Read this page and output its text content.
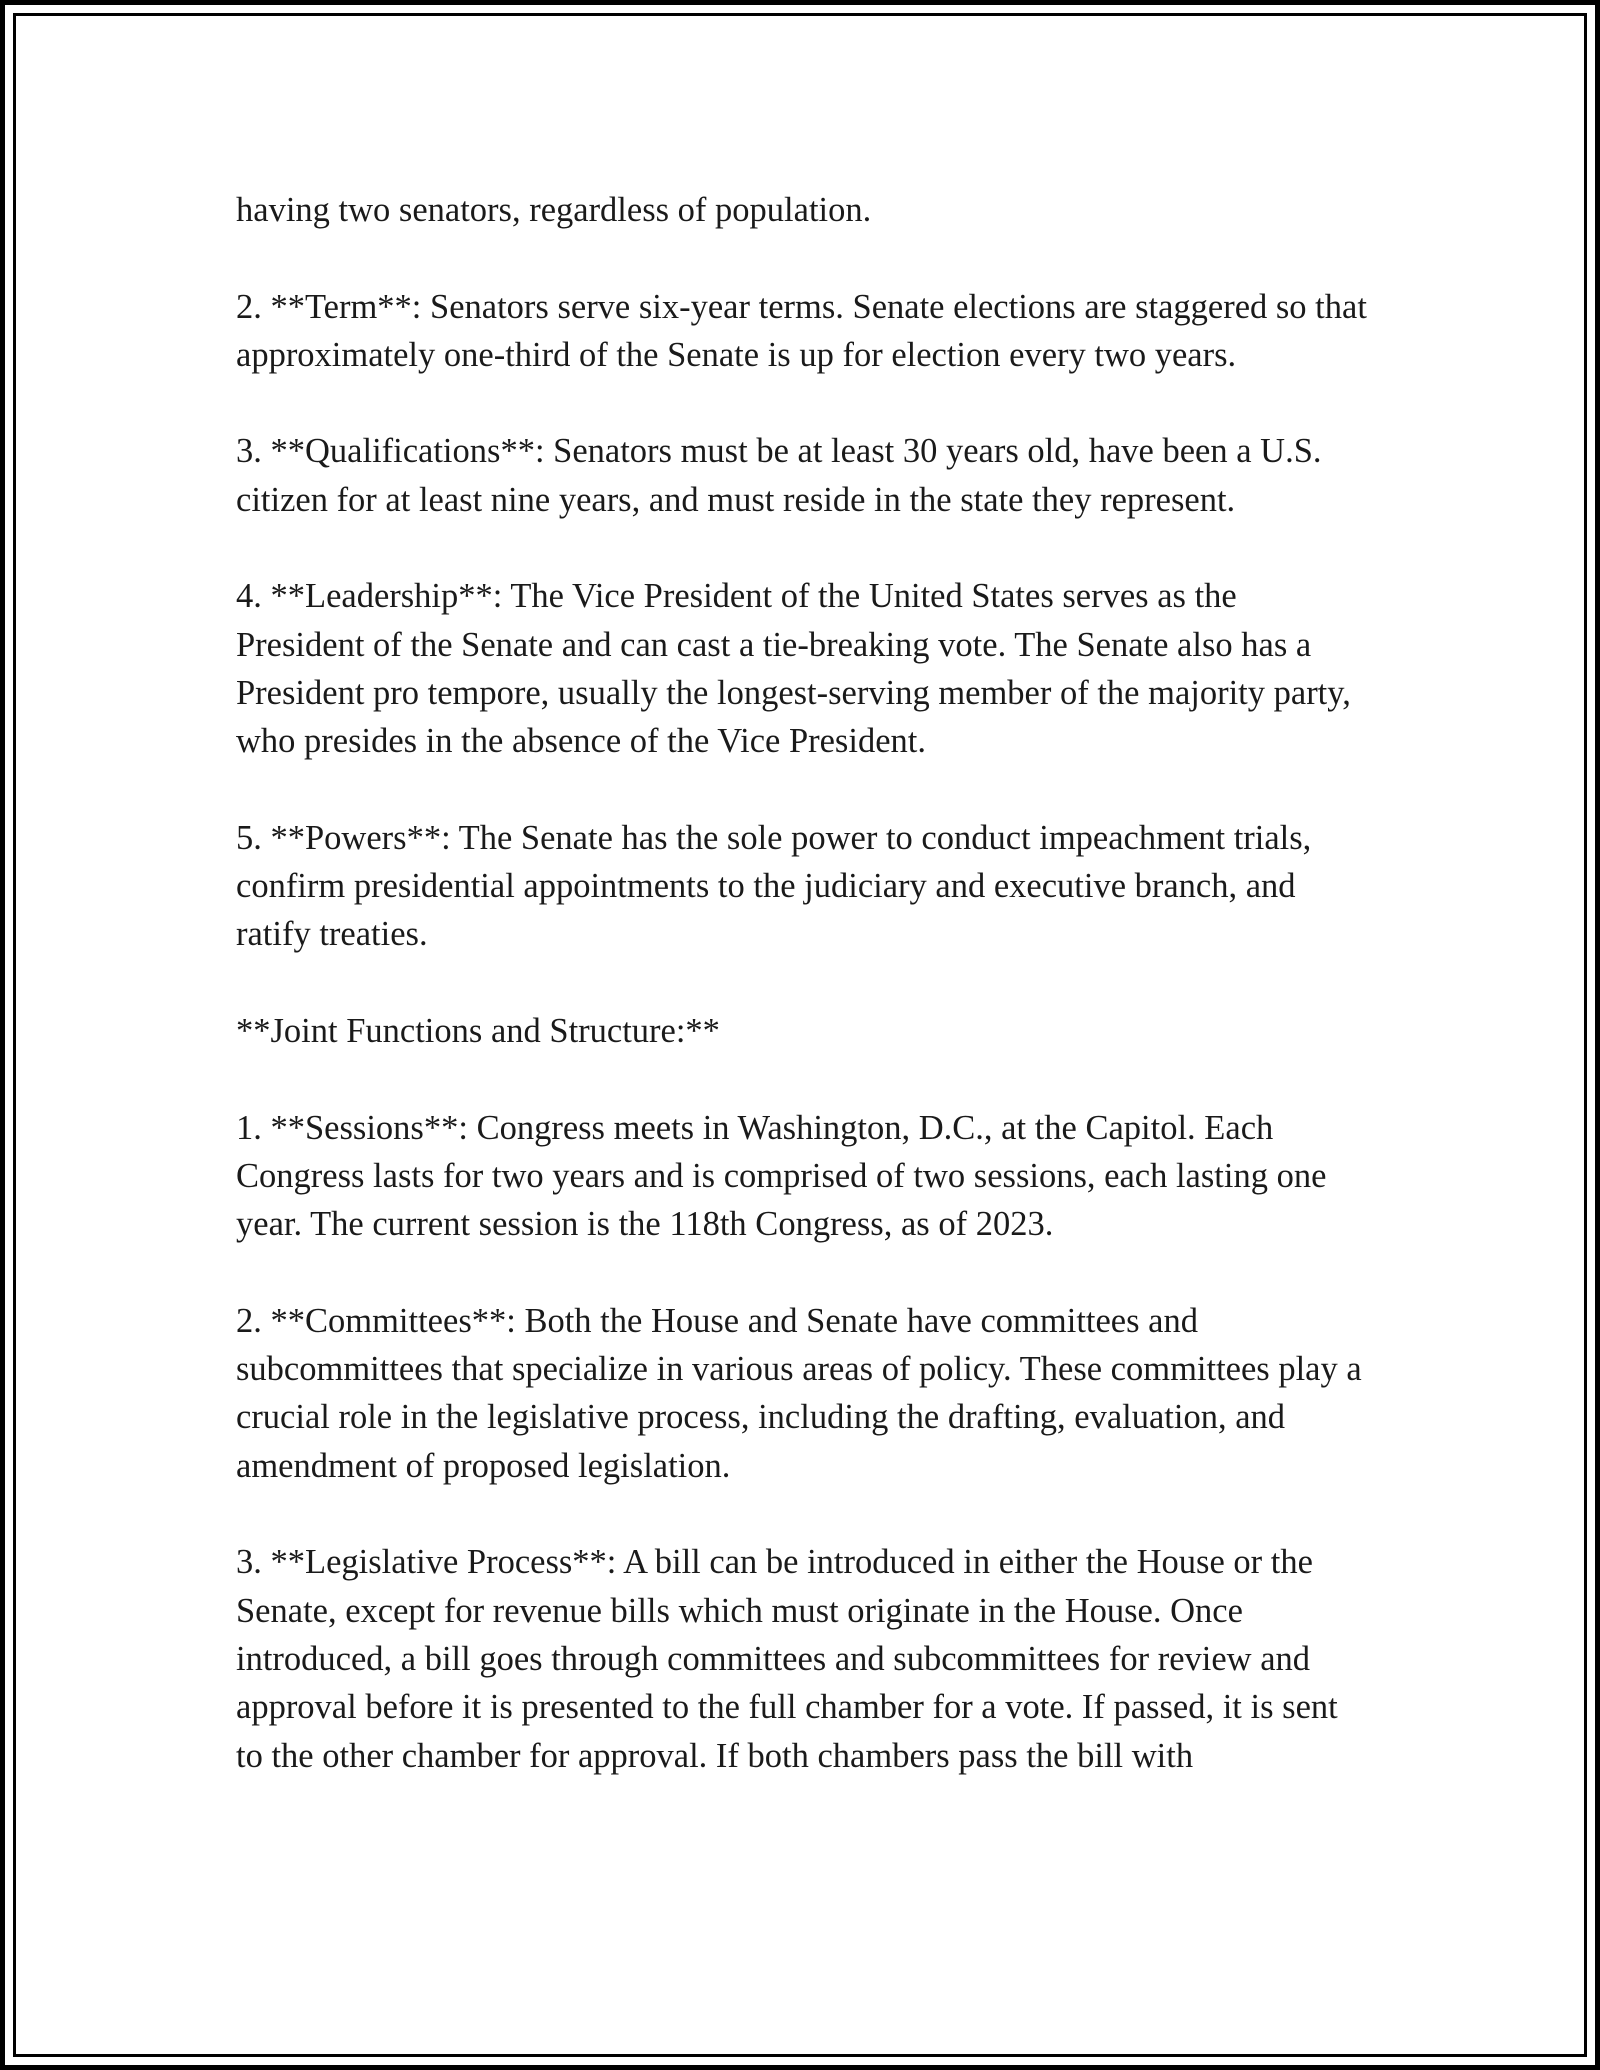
having two senators, regardless of population.

2. **Term**: Senators serve six-year terms. Senate elections are staggered so that approximately one-third of the Senate is up for election every two years.

3. **Qualifications**: Senators must be at least 30 years old, have been a U.S. citizen for at least nine years, and must reside in the state they represent.

4. **Leadership**: The Vice President of the United States serves as the President of the Senate and can cast a tie-breaking vote. The Senate also has a President pro tempore, usually the longest-serving member of the majority party, who presides in the absence of the Vice President.

5. **Powers**: The Senate has the sole power to conduct impeachment trials, confirm presidential appointments to the judiciary and executive branch, and ratify treaties.

**Joint Functions and Structure:**

1. **Sessions**: Congress meets in Washington, D.C., at the Capitol. Each Congress lasts for two years and is comprised of two sessions, each lasting one year. The current session is the 118th Congress, as of 2023.

2. **Committees**: Both the House and Senate have committees and subcommittees that specialize in various areas of policy. These committees play a crucial role in the legislative process, including the drafting, evaluation, and amendment of proposed legislation.

3. **Legislative Process**: A bill can be introduced in either the House or the Senate, except for revenue bills which must originate in the House. Once introduced, a bill goes through committees and subcommittees for review and approval before it is presented to the full chamber for a vote. If passed, it is sent to the other chamber for approval. If both chambers pass the bill with
